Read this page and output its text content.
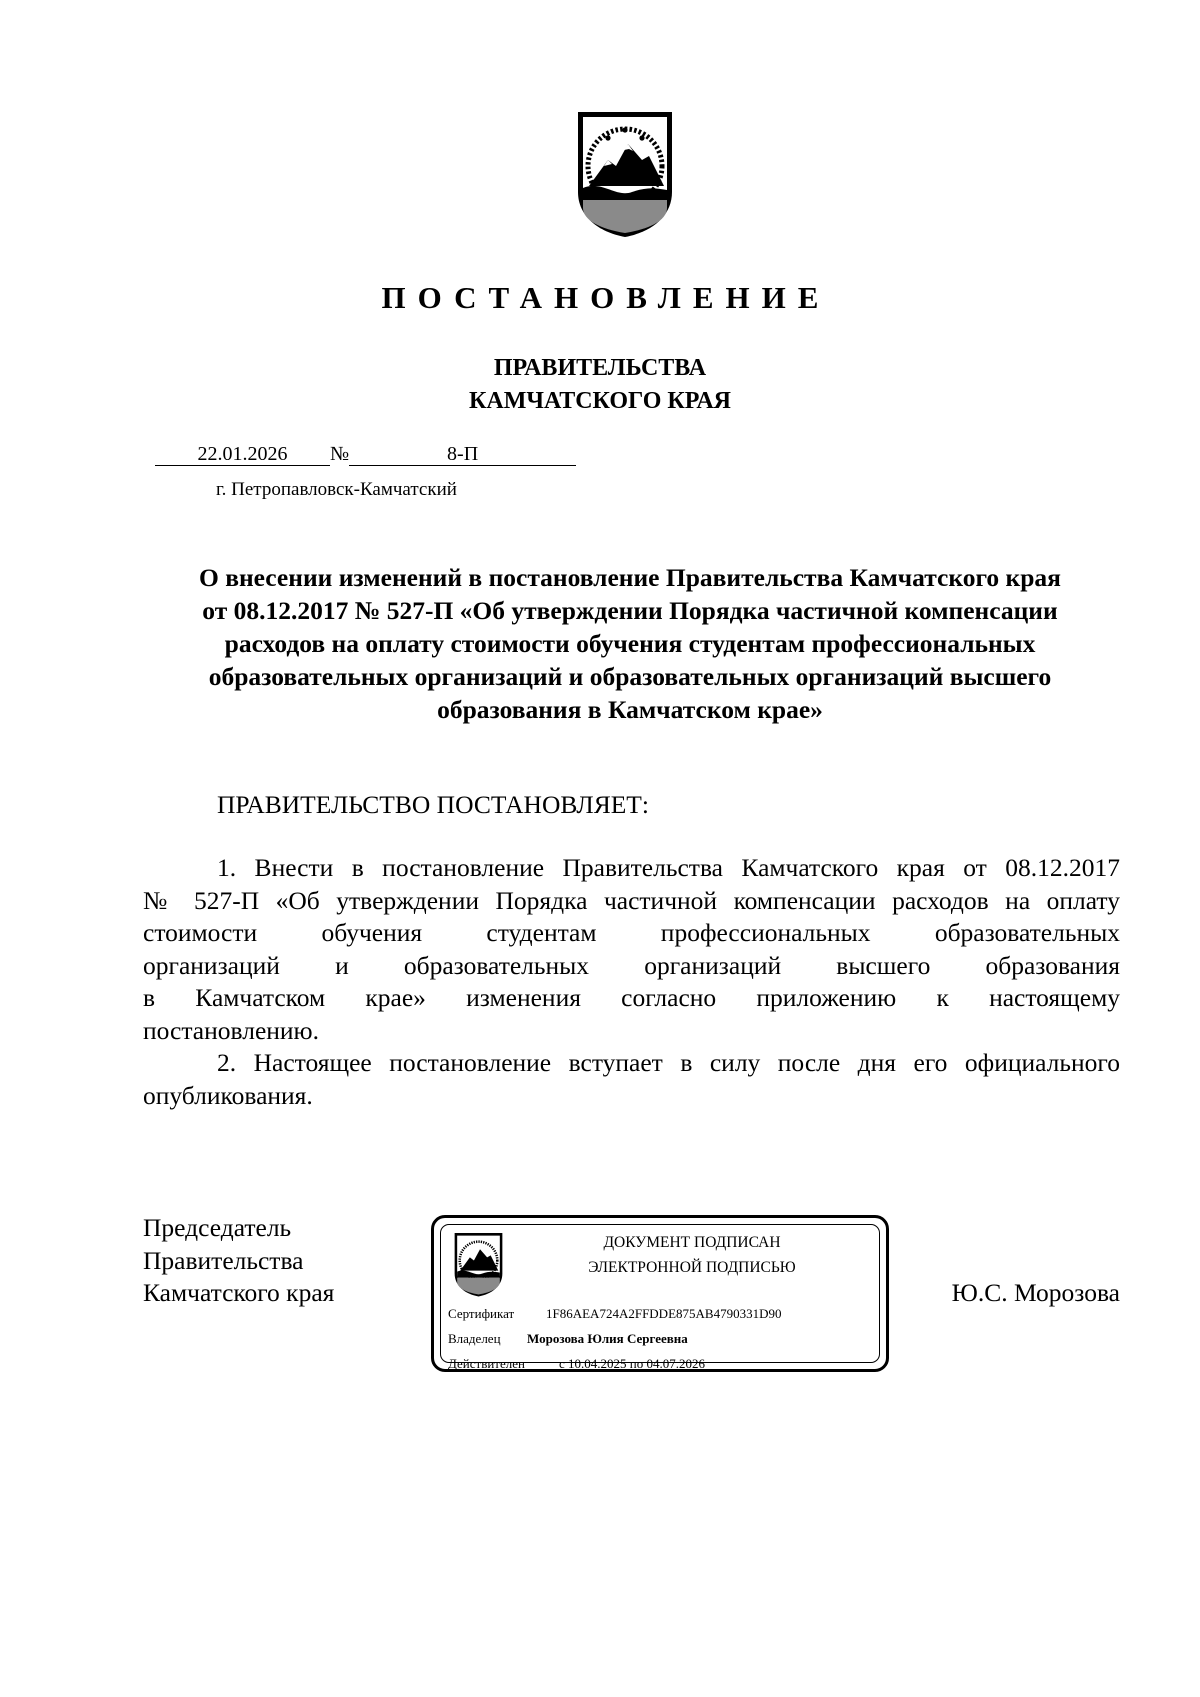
ПОСТАНОВЛЕНИЕ
ПРАВИТЕЛЬСТВА
КАМЧАТСКОГО КРАЯ
22.01.2026 №	8-П
г. Петропавловск-Камчатский
О внесении изменений в постановление Правительства Камчатского края
от 08.12.2017 № 527-П «Об утверждении Порядка частичной компенсации
расходов на оплату стоимости обучения студентам профессиональных
образовательных организаций и образовательных организаций высшего
образования в Камчатском крае»
ПРАВИТЕЛЬСТВО ПОСТАНОВЛЯЕТ:
1. Внести в постановление Правительства Камчатского края от 08.12.2017
№ 527-П «Об утверждении Порядка частичной компенсации расходов на оплату
стоимости обучения студентам профессиональных образовательных
организаций и образовательных организаций высшего образования
в Камчатском крае» изменения согласно приложению к настоящему
постановлению.
2. Настоящее постановление вступает в силу после дня его официального
опубликования.
Председатель
Правительства
Камчатского края
ДОКУМЕНТ ПОДПИСАН
ЭЛЕКТРОННОЙ ПОДПИСЬЮ
Сертификат 1F86AEA724A2FFDDE875AB4790331D90
Владелец Морозова Юлия Сергеевна
Действителен	с 10.04.2025 по 04.07.2026
Ю.С. Морозова
